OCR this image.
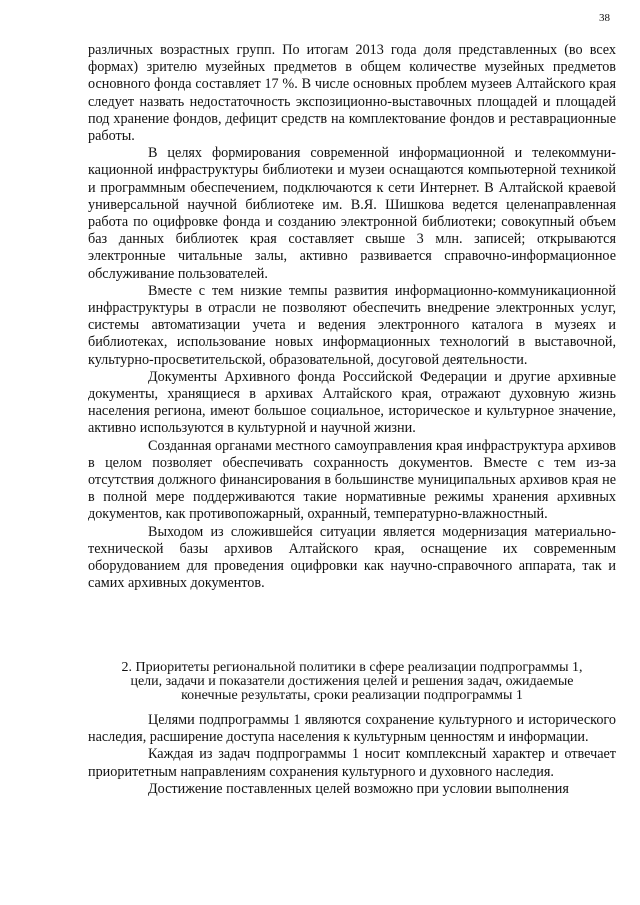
38

различных возрастных групп. По итогам 2013 года доля представленных (во всех формах) зрителю музейных предметов в общем количестве музейных предметов основного фонда составляет 17 %. В числе основных проблем музеев Алтайского края следует назвать недостаточность экспозиционно-выставочных площадей и площадей под хранение фондов, дефицит средств на комплектование фондов и реставрационные работы.

В целях формирования современной информационной и телекоммуникационной инфраструктуры библиотеки и музеи оснащаются компьютерной техникой и программным обеспечением, подключаются к сети Интернет. В Алтайской краевой универсальной научной библиотеке им. В.Я. Шишкова ведется целенаправленная работа по оцифровке фонда и созданию электронной библиотеки; совокупный объем баз данных библиотек края составляет свыше 3 млн. записей; открываются электронные читальные залы, активно развивается справочно-информационное обслуживание пользователей.

Вместе с тем низкие темпы развития информационно-коммуникационной инфраструктуры в отрасли не позволяют обеспечить внедрение электронных услуг, системы автоматизации учета и ведения электронного каталога в музеях и библиотеках, использование новых информационных технологий в выставочной, культурно-просветительской, образовательной, досуговой деятельности.

Документы Архивного фонда Российской Федерации и другие архивные документы, хранящиеся в архивах Алтайского края, отражают духовную жизнь населения региона, имеют большое социальное, историческое и культурное значение, активно используются в культурной и научной жизни.

Созданная органами местного самоуправления края инфраструктура архивов в целом позволяет обеспечивать сохранность документов. Вместе с тем из-за отсутствия должного финансирования в большинстве муниципальных архивов края не в полной мере поддерживаются такие нормативные режимы хранения архивных документов, как противопожарный, охранный, температурно-влажностный.

Выходом из сложившейся ситуации является модернизация материально-технической базы архивов Алтайского края, оснащение их современным оборудованием для проведения оцифровки как научно-справочного аппарата, так и самих архивных документов.

2. Приоритеты региональной политики в сфере реализации подпрограммы 1,
цели, задачи и показатели достижения целей и решения задач, ожидаемые
конечные результаты, сроки реализации подпрограммы 1

Целями подпрограммы 1 являются сохранение культурного и исторического наследия, расширение доступа населения к культурным ценностям и информации.

Каждая из задач подпрограммы 1 носит комплексный характер и отвечает приоритетным направлениям сохранения культурного и духовного наследия.

Достижение поставленных целей возможно при условии выполнения
